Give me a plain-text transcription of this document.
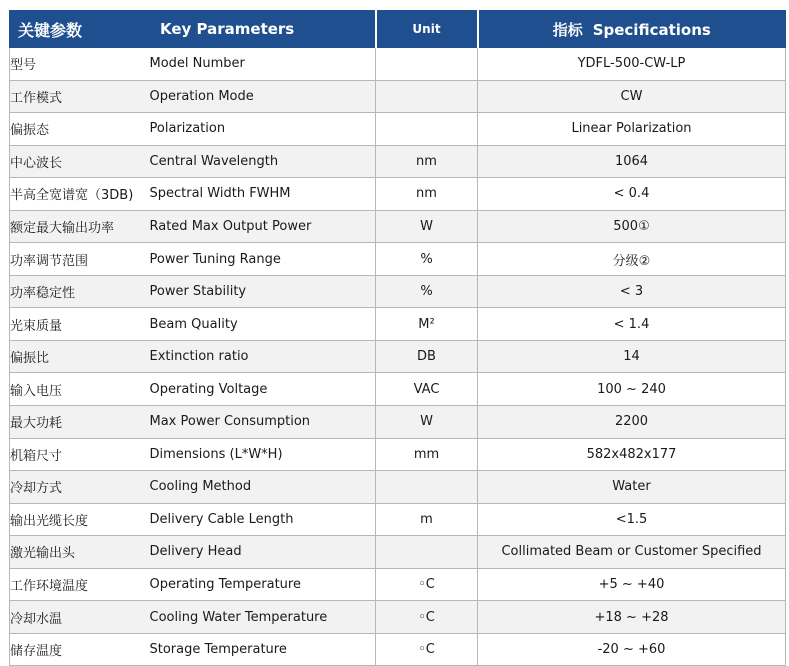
关键参数	Key Parameters	Unit	指标 Specifications
型号	Model Number		YDFL-500-CW-LP
工作模式	Operation Mode		CW
偏振态	Polarization		Linear Polarization
中心波长	Central Wavelength	nm	1064
半高全宽谱宽（3DB)	Spectral Width FWHM	nm	< 0.4
额定最大输出功率	Rated Max Output Power	W	500①
功率调节范围	Power Tuning Range	%	分级②
功率稳定性	Power Stability	%	< 3
光束质量	Beam Quality	M²	< 1.4
偏振比	Extinction ratio	DB	14
输入电压	Operating Voltage	VAC	100 ~ 240
最大功耗	Max Power Consumption	W	2200
机箱尺寸	Dimensions (L*W*H)	mm	582x482x177
冷却方式	Cooling Method		Water
输出光缆长度	Delivery Cable Length	m	<1.5
激光输出头	Delivery Head		Collimated Beam or Customer Specified
工作环境温度	Operating Temperature	◦C	+5 ~ +40
冷却水温	Cooling Water Temperature	◦C	+18 ~ +28
储存温度	Storage Temperature	◦C	-20 ~ +60
